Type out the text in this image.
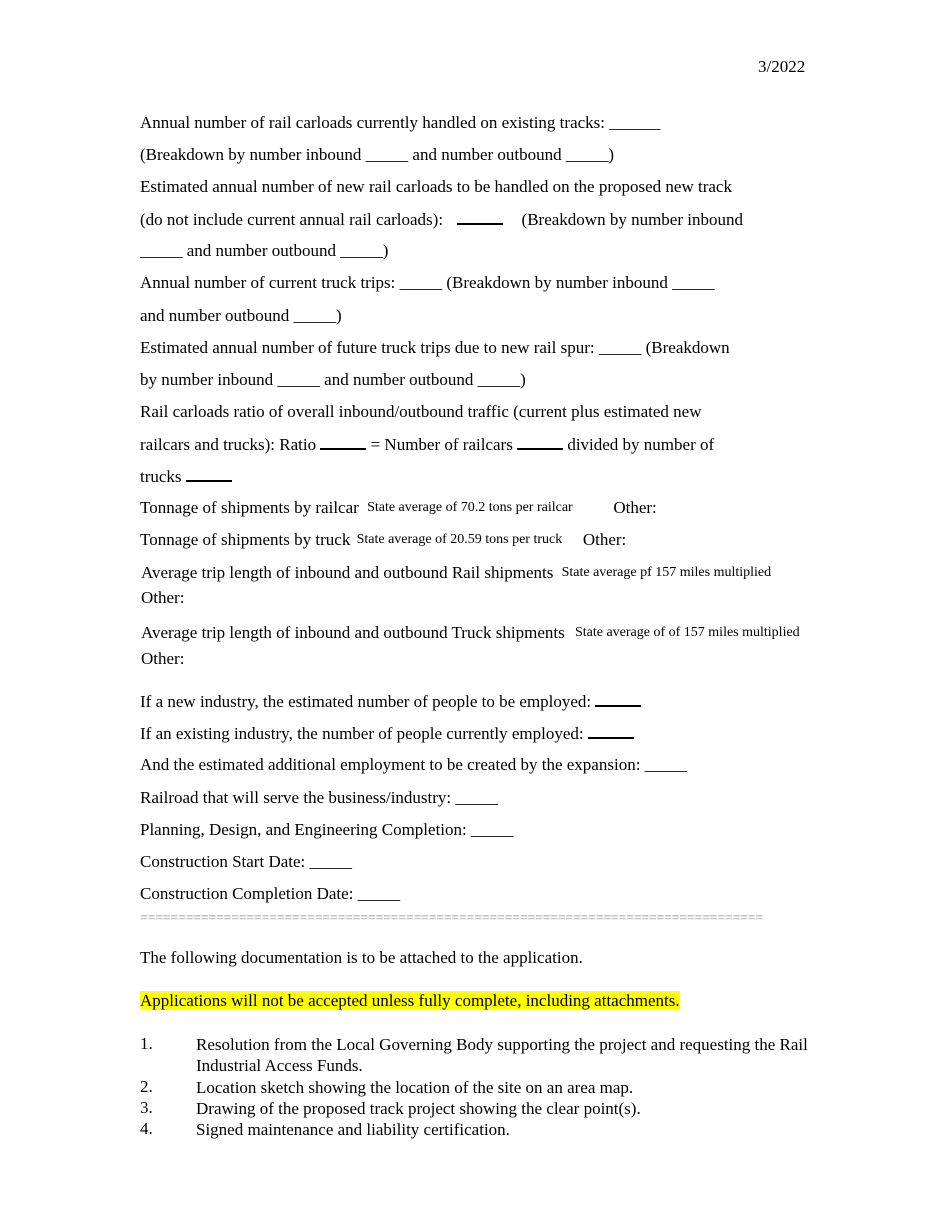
3/2022
Annual number of rail carloads currently handled on existing tracks: ______
(Breakdown by number inbound _____ and number outbound _____)
Estimated annual number of new rail carloads to be handled on the proposed new track
(do not include current annual rail carloads):	(Breakdown by number inbound
_____ and number outbound _____)
Annual number of current truck trips: _____ (Breakdown by number inbound _____
and number outbound _____)
Estimated annual number of future truck trips due to new rail spur: _____ (Breakdown
by number inbound _____ and number outbound _____)
Rail carloads ratio of overall inbound/outbound traffic (current plus estimated new
railcars and trucks): Ratio	= Number of railcars	divided by number of
trucks
Tonnage of shipments by railcar State average of 70.2 tons per railcar Other:
Tonnage of shipments by truck State average of 20.59 tons per truck Other:
Average trip length of inbound and outbound Rail shipments State average pf 157 miles multiplied
Other:
Average trip length of inbound and outbound Truck shipments State average of of 157 miles multiplied
Other:
If a new industry, the estimated number of people to be employed:
If an existing industry, the number of people currently employed:
And the estimated additional employment to be created by the expansion: _____
Railroad that will serve the business/industry: _____
Planning, Design, and Engineering Completion: _____
Construction Start Date: _____
Construction Completion Date: _____
==================================================================================
The following documentation is to be attached to the application.
Applications will not be accepted unless fully complete, including attachments.
1.	Resolution from the Local Governing Body supporting the project and requesting the Rail Industrial Access Funds.
2.	Location sketch showing the location of the site on an area map.
3.	Drawing of the proposed track project showing the clear point(s).
4.	Signed maintenance and liability certification.
